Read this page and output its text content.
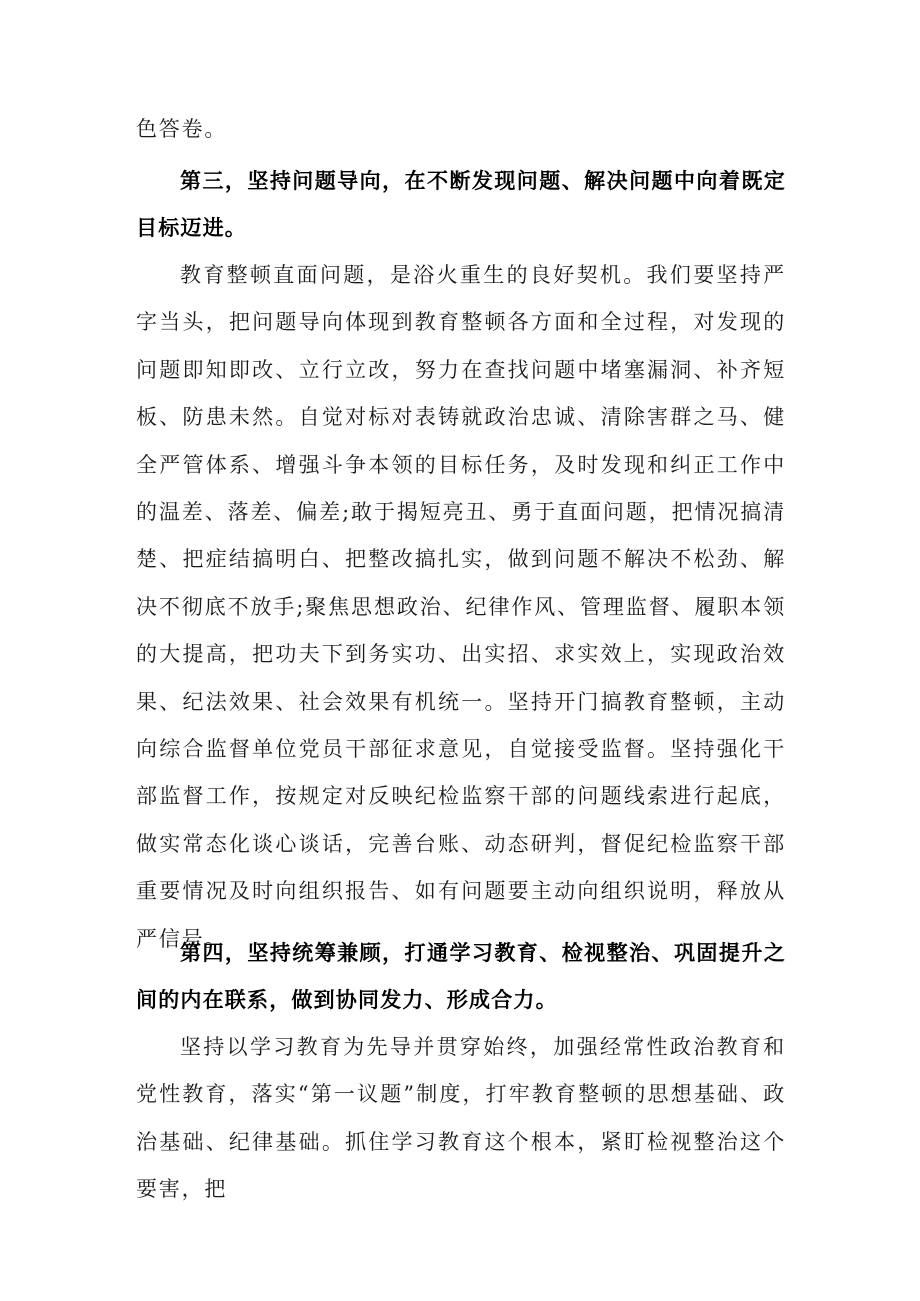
色答卷。

第三，坚持问题导向，在不断发现问题、解决问题中向着既定目标迈进。

教育整顿直面问题，是浴火重生的良好契机。我们要坚持严字当头，把问题导向体现到教育整顿各方面和全过程，对发现的问题即知即改、立行立改，努力在查找问题中堵塞漏洞、补齐短板、防患未然。自觉对标对表铸就政治忠诚、清除害群之马、健全严管体系、增强斗争本领的目标任务，及时发现和纠正工作中的温差、落差、偏差;敢于揭短亮丑、勇于直面问题，把情况搞清楚、把症结搞明白、把整改搞扎实，做到问题不解决不松劲、解决不彻底不放手;聚焦思想政治、纪律作风、管理监督、履职本领的大提高，把功夫下到务实功、出实招、求实效上，实现政治效果、纪法效果、社会效果有机统一。坚持开门搞教育整顿，主动向综合监督单位党员干部征求意见，自觉接受监督。坚持强化干部监督工作，按规定对反映纪检监察干部的问题线索进行起底，做实常态化谈心谈话，完善台账、动态研判，督促纪检监察干部重要情况及时向组织报告、如有问题要主动向组织说明，释放从严信号。

第四，坚持统筹兼顾，打通学习教育、检视整治、巩固提升之间的内在联系，做到协同发力、形成合力。

坚持以学习教育为先导并贯穿始终，加强经常性政治教育和党性教育，落实“第一议题”制度，打牢教育整顿的思想基础、政治基础、纪律基础。抓住学习教育这个根本，紧盯检视整治这个要害，把
